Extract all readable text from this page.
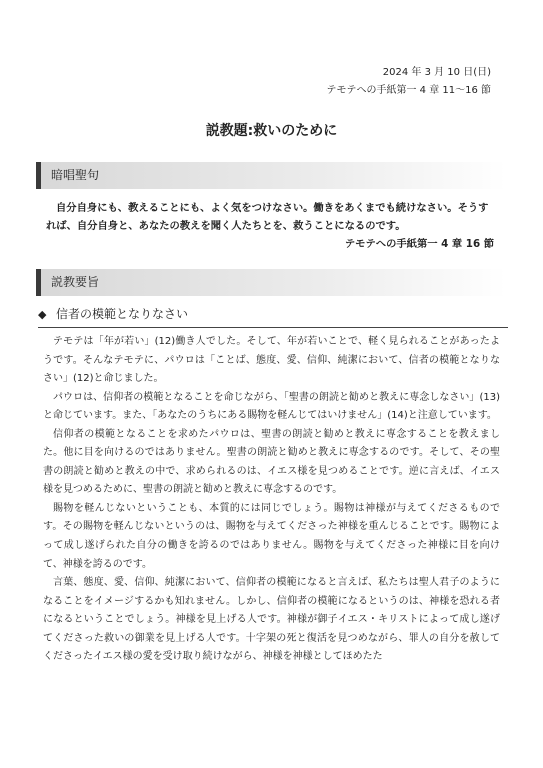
2024 年 3 月 10 日(日)
テモテへの手紙第一 4 章 11～16 節
説教題:救いのために
暗唱聖句
自分自身にも、教えることにも、よく気をつけなさい。働きをあくまでも続けなさい。そうすれば、自分自身と、あなたの教えを聞く人たちとを、救うことになるのです。
テモテへの手紙第一 4 章 16 節
説教要旨
◆ 信者の模範となりなさい

テモテは「年が若い」(12)働き人でした。そして、年が若いことで、軽く見られることがあったようです。そんなテモテに、パウロは「ことば、態度、愛、信仰、純潔において、信者の模範となりなさい」(12)と命じました。

パウロは、信仰者の模範となることを命じながら、「聖書の朗読と勧めと教えに専念しなさい」(13)と命じています。また、「あなたのうちにある賜物を軽んじてはいけません」(14)と注意しています。

信仰者の模範となることを求めたパウロは、聖書の朗読と勧めと教えに専念することを教えました。他に目を向けるのではありません。聖書の朗読と勧めと教えに専念するのです。そして、その聖書の朗読と勧めと教えの中で、求められるのは、イエス様を見つめることです。逆に言えば、イエス様を見つめるために、聖書の朗読と勧めと教えに専念するのです。

賜物を軽んじないということも、本質的には同じでしょう。賜物は神様が与えてくださるものです。その賜物を軽んじないというのは、賜物を与えてくださった神様を重んじることです。賜物によって成し遂げられた自分の働きを誇るのではありません。賜物を与えてくださった神様に目を向けて、神様を誇るのです。

言葉、態度、愛、信仰、純潔において、信仰者の模範になると言えば、私たちは聖人君子のようになることをイメージするかも知れません。しかし、信仰者の模範になるというのは、神様を恐れる者になるということでしょう。神様を見上げる人です。神様が御子イエス・キリストによって成し遂げてくださった救いの御業を見上げる人です。十字架の死と復活を見つめながら、罪人の自分を赦してくださったイエス様の愛を受け取り続けながら、神様を神様としてほめたた
